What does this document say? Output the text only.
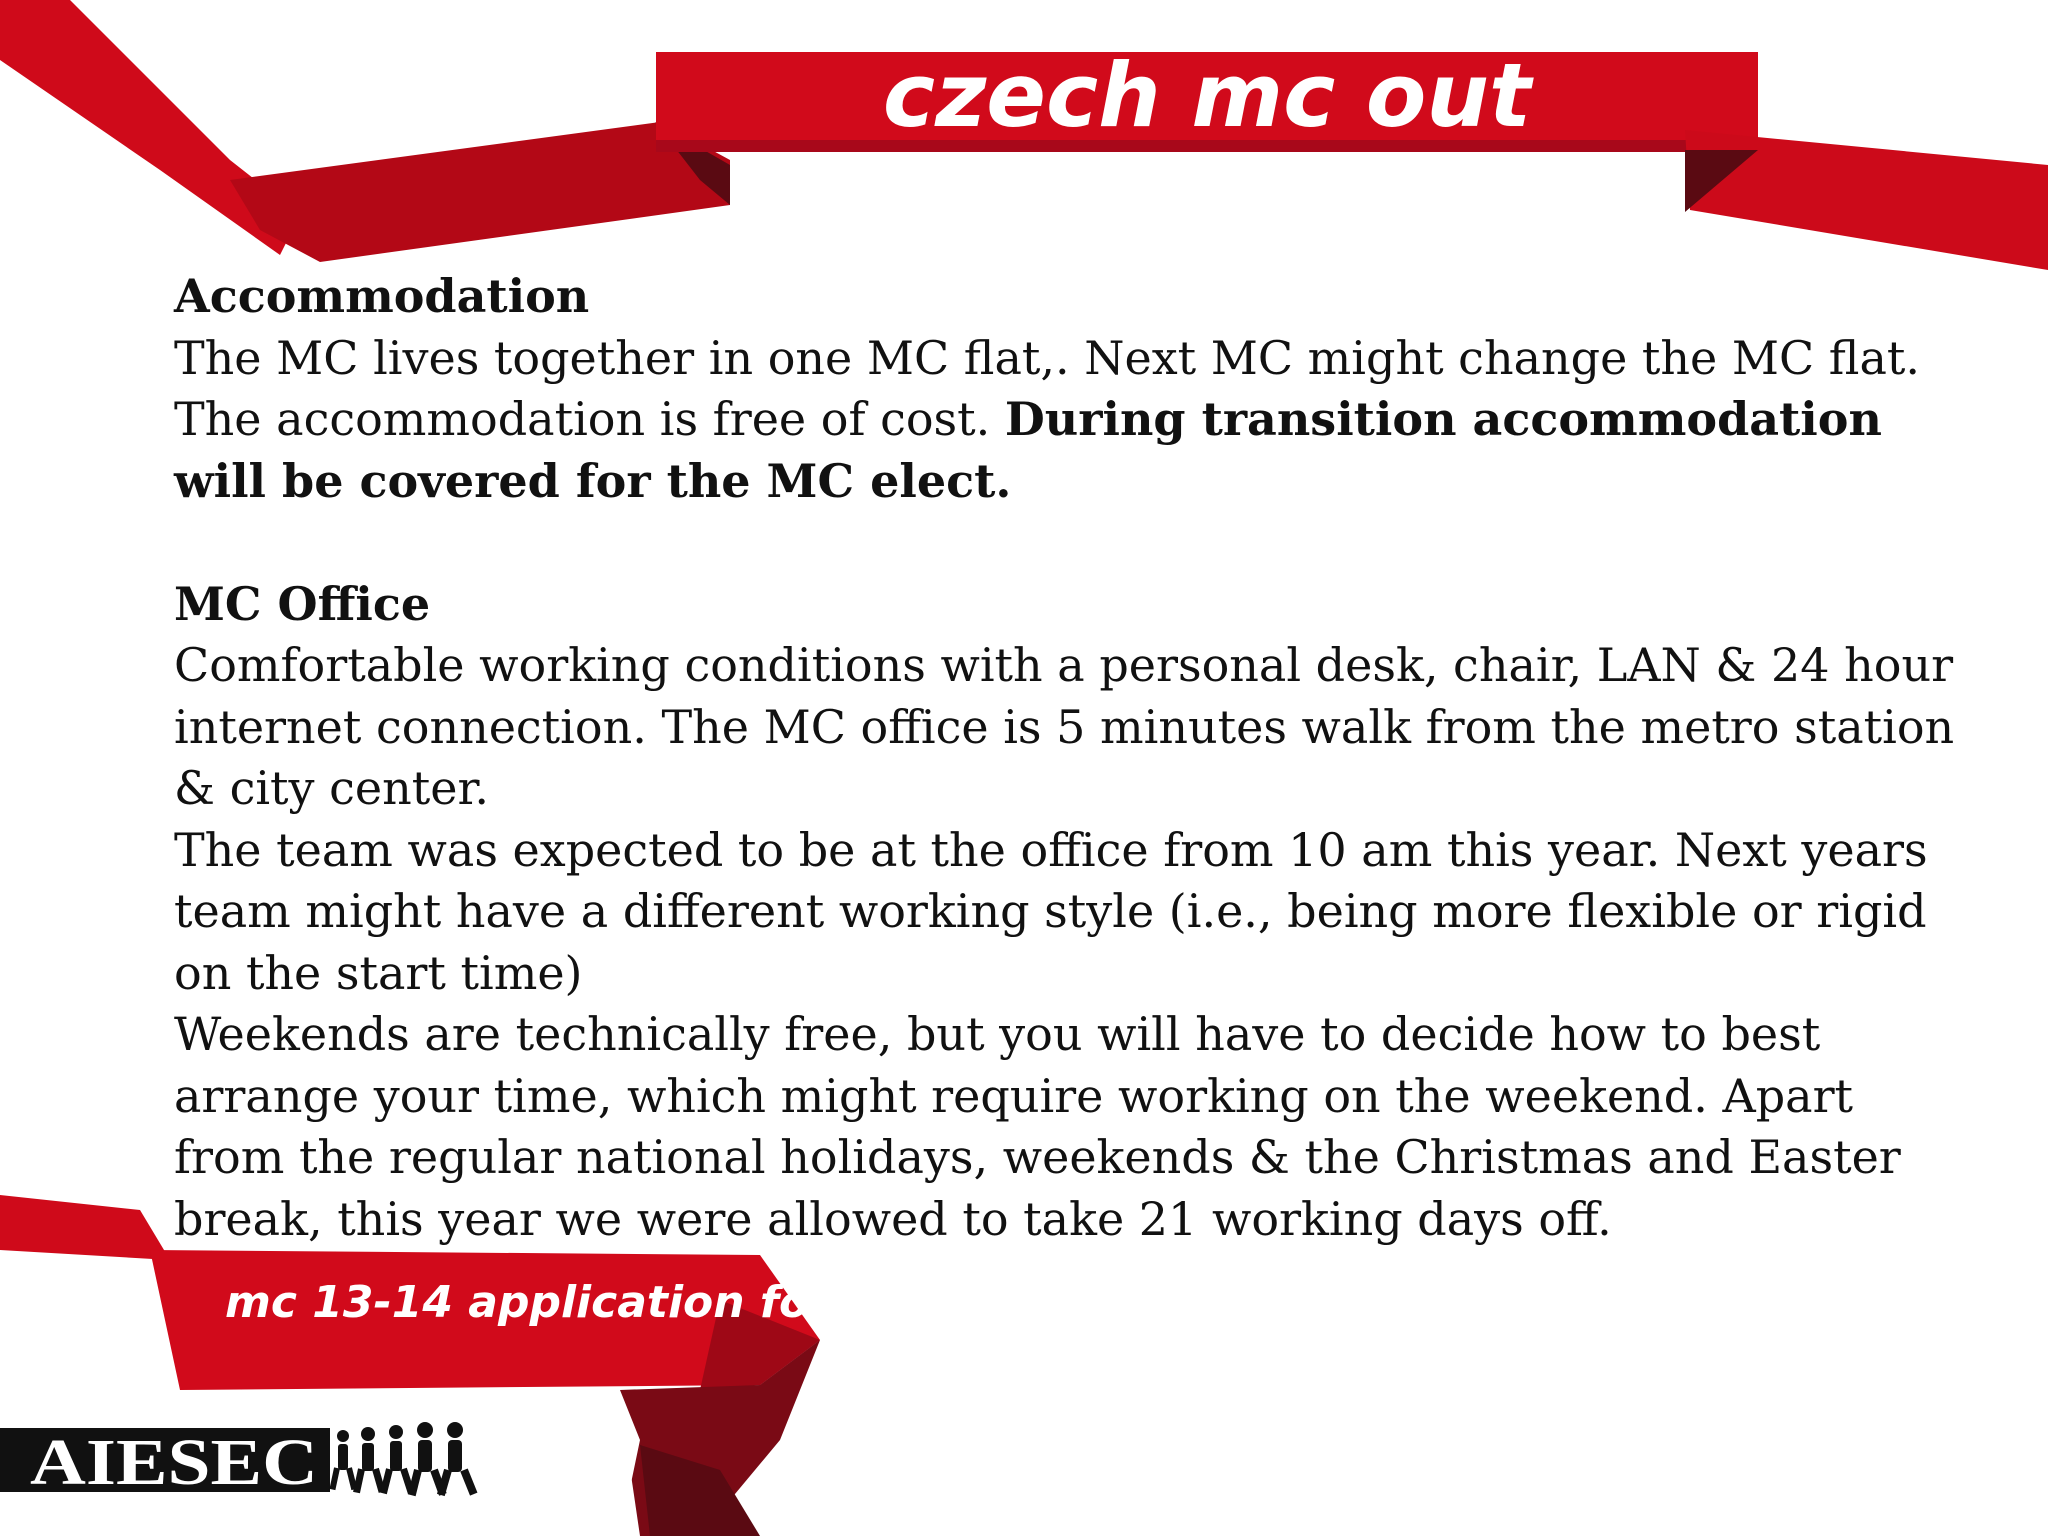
czech mc out
mc 13-14 application form
AIESEC

Accommodation

The MC lives together in one MC flat,. Next MC might change the MC flat. The accommodation is free of cost. During transition accommodation will be covered for the MC elect.

MC Office

Comfortable working conditions with a personal desk, chair, LAN & 24 hour internet connection. The MC office is 5 minutes walk from the metro station & city center.

The team was expected to be at the office from 10 am this year. Next years team might have a different working style (i.e., being more flexible or rigid on the start time)

Weekends are technically free, but you will have to decide how to best arrange your time, which might require working on the weekend. Apart from the regular national holidays, weekends & the Christmas and Easter break, this year we were allowed to take 21 working days off.
